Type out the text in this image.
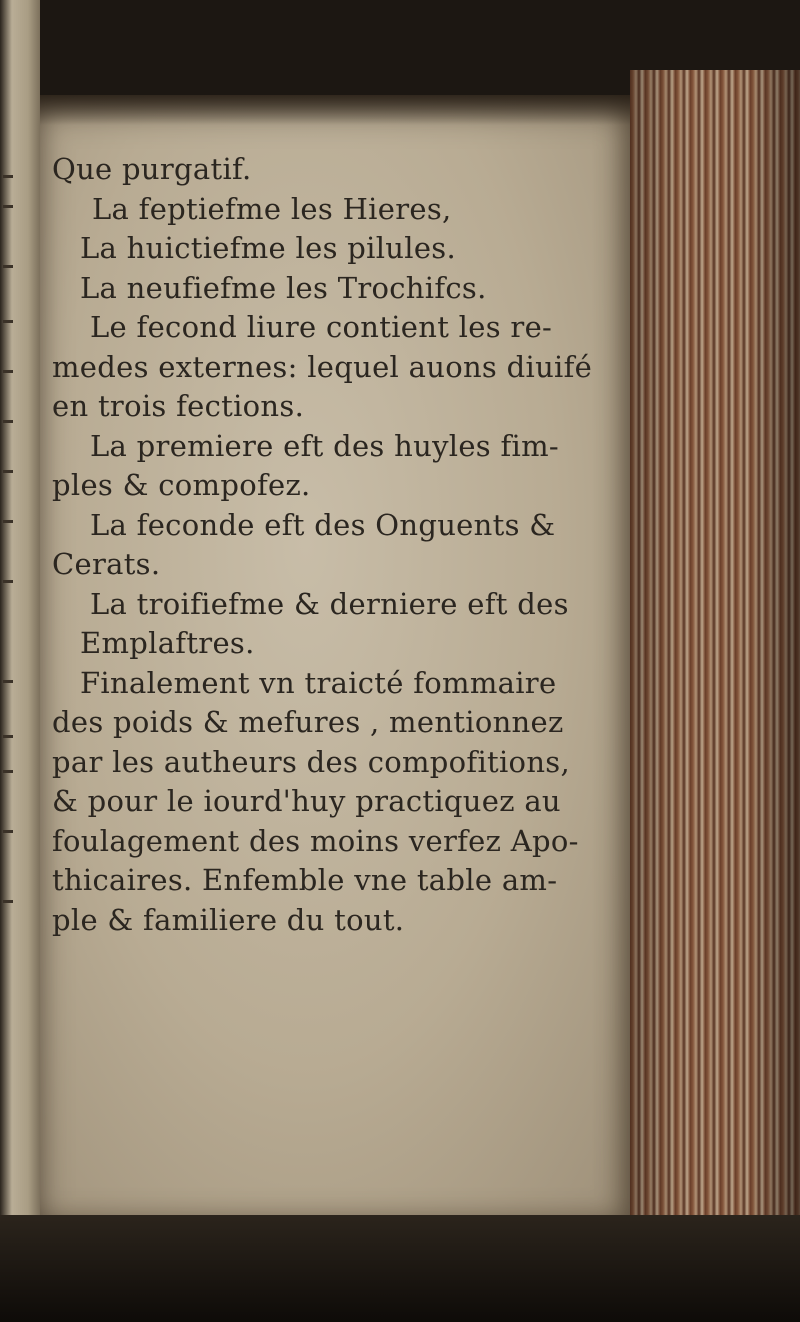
Que purgatif.
La feptiefme les Hieres,
La huictiefme les pilules.
La neufiefme les Trochifcs.
Le fecond liure contient les re-
medes externes: lequel auons diuifé
en trois fections.
La premiere eft des huyles fim-
ples & compofez.
La feconde eft des Onguents &
Cerats.
La troifiefme & derniere eft des
Emplaftres.
Finalement vn traicté fommaire
des poids & mefures , mentionnez
par les autheurs des compofitions,
& pour le iourd'huy practiquez au
foulagement des moins verfez Apo-
thicaires. Enfemble vne table am-
ple & familiere du tout.
